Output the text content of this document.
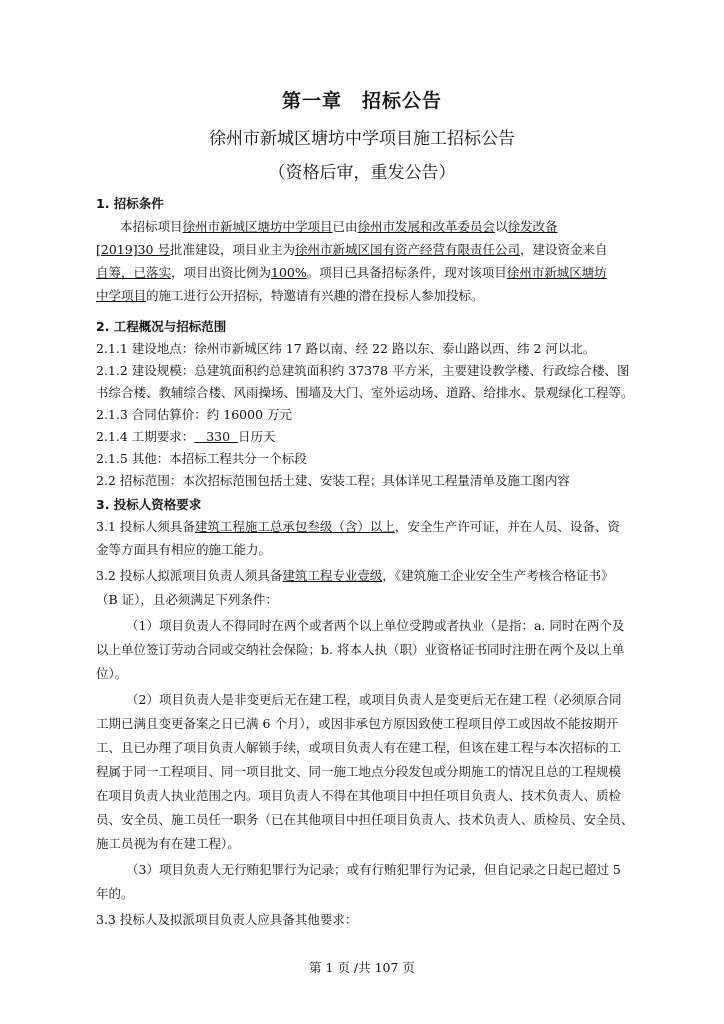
第一章　招标公告
徐州市新城区塘坊中学项目施工招标公告
（资格后审，重发公告）
1. 招标条件
本招标项目徐州市新城区塘坊中学项目已由徐州市发展和改革委员会以徐发改备
[2019]30 号批准建设，项目业主为徐州市新城区国有资产经营有限责任公司，建设资金来自
自筹，已落实，项目出资比例为100%。项目已具备招标条件，现对该项目徐州市新城区塘坊
中学项目的施工进行公开招标，特邀请有兴趣的潜在投标人参加投标。
2. 工程概况与招标范围
2.1.1 建设地点：徐州市新城区纬 17 路以南、经 22 路以东、泰山路以西、纬 2 河以北。
2.1.2 建设规模：总建筑面积约总建筑面积约 37378 平方米，主要建设教学楼、行政综合楼、图
书综合楼、教辅综合楼、风雨操场、围墙及大门、室外运动场、道路、给排水、景观绿化工程等。
2.1.3 合同估算价：约 16000 万元
2.1.4 工期要求：   330  日历天
2.1.5 其他：本招标工程共分一个标段
2.2 招标范围：本次招标范围包括土建、安装工程；具体详见工程量清单及施工图内容
3. 投标人资格要求
3.1 投标人须具备建筑工程施工总承包叁级（含）以上，安全生产许可证，并在人员、设备、资
金等方面具有相应的施工能力。
3.2 投标人拟派项目负责人须具备建筑工程专业壹级，《建筑施工企业安全生产考核合格证书》
（B 证），且必须满足下列条件：
（1）项目负责人不得同时在两个或者两个以上单位受聘或者执业（是指：a. 同时在两个及
以上单位签订劳动合同或交纳社会保险；b. 将本人执（职）业资格证书同时注册在两个及以上单
位）。
（2）项目负责人是非变更后无在建工程，或项目负责人是变更后无在建工程（必须原合同
工期已满且变更备案之日已满 6 个月），或因非承包方原因致使工程项目停工或因故不能按期开
工、且已办理了项目负责人解锁手续，或项目负责人有在建工程，但该在建工程与本次招标的工
程属于同一工程项目、同一项目批文、同一施工地点分段发包或分期施工的情况且总的工程规模
在项目负责人执业范围之内。项目负责人不得在其他项目中担任项目负责人、技术负责人、质检
员、安全员、施工员任一职务（已在其他项目中担任项目负责人、技术负责人、质检员、安全员、
施工员视为有在建工程）。
（3）项目负责人无行贿犯罪行为记录；或有行贿犯罪行为记录，但自记录之日起已超过 5
年的。
3.3 投标人及拟派项目负责人应具备其他要求：
第 1 页 /共 107 页
